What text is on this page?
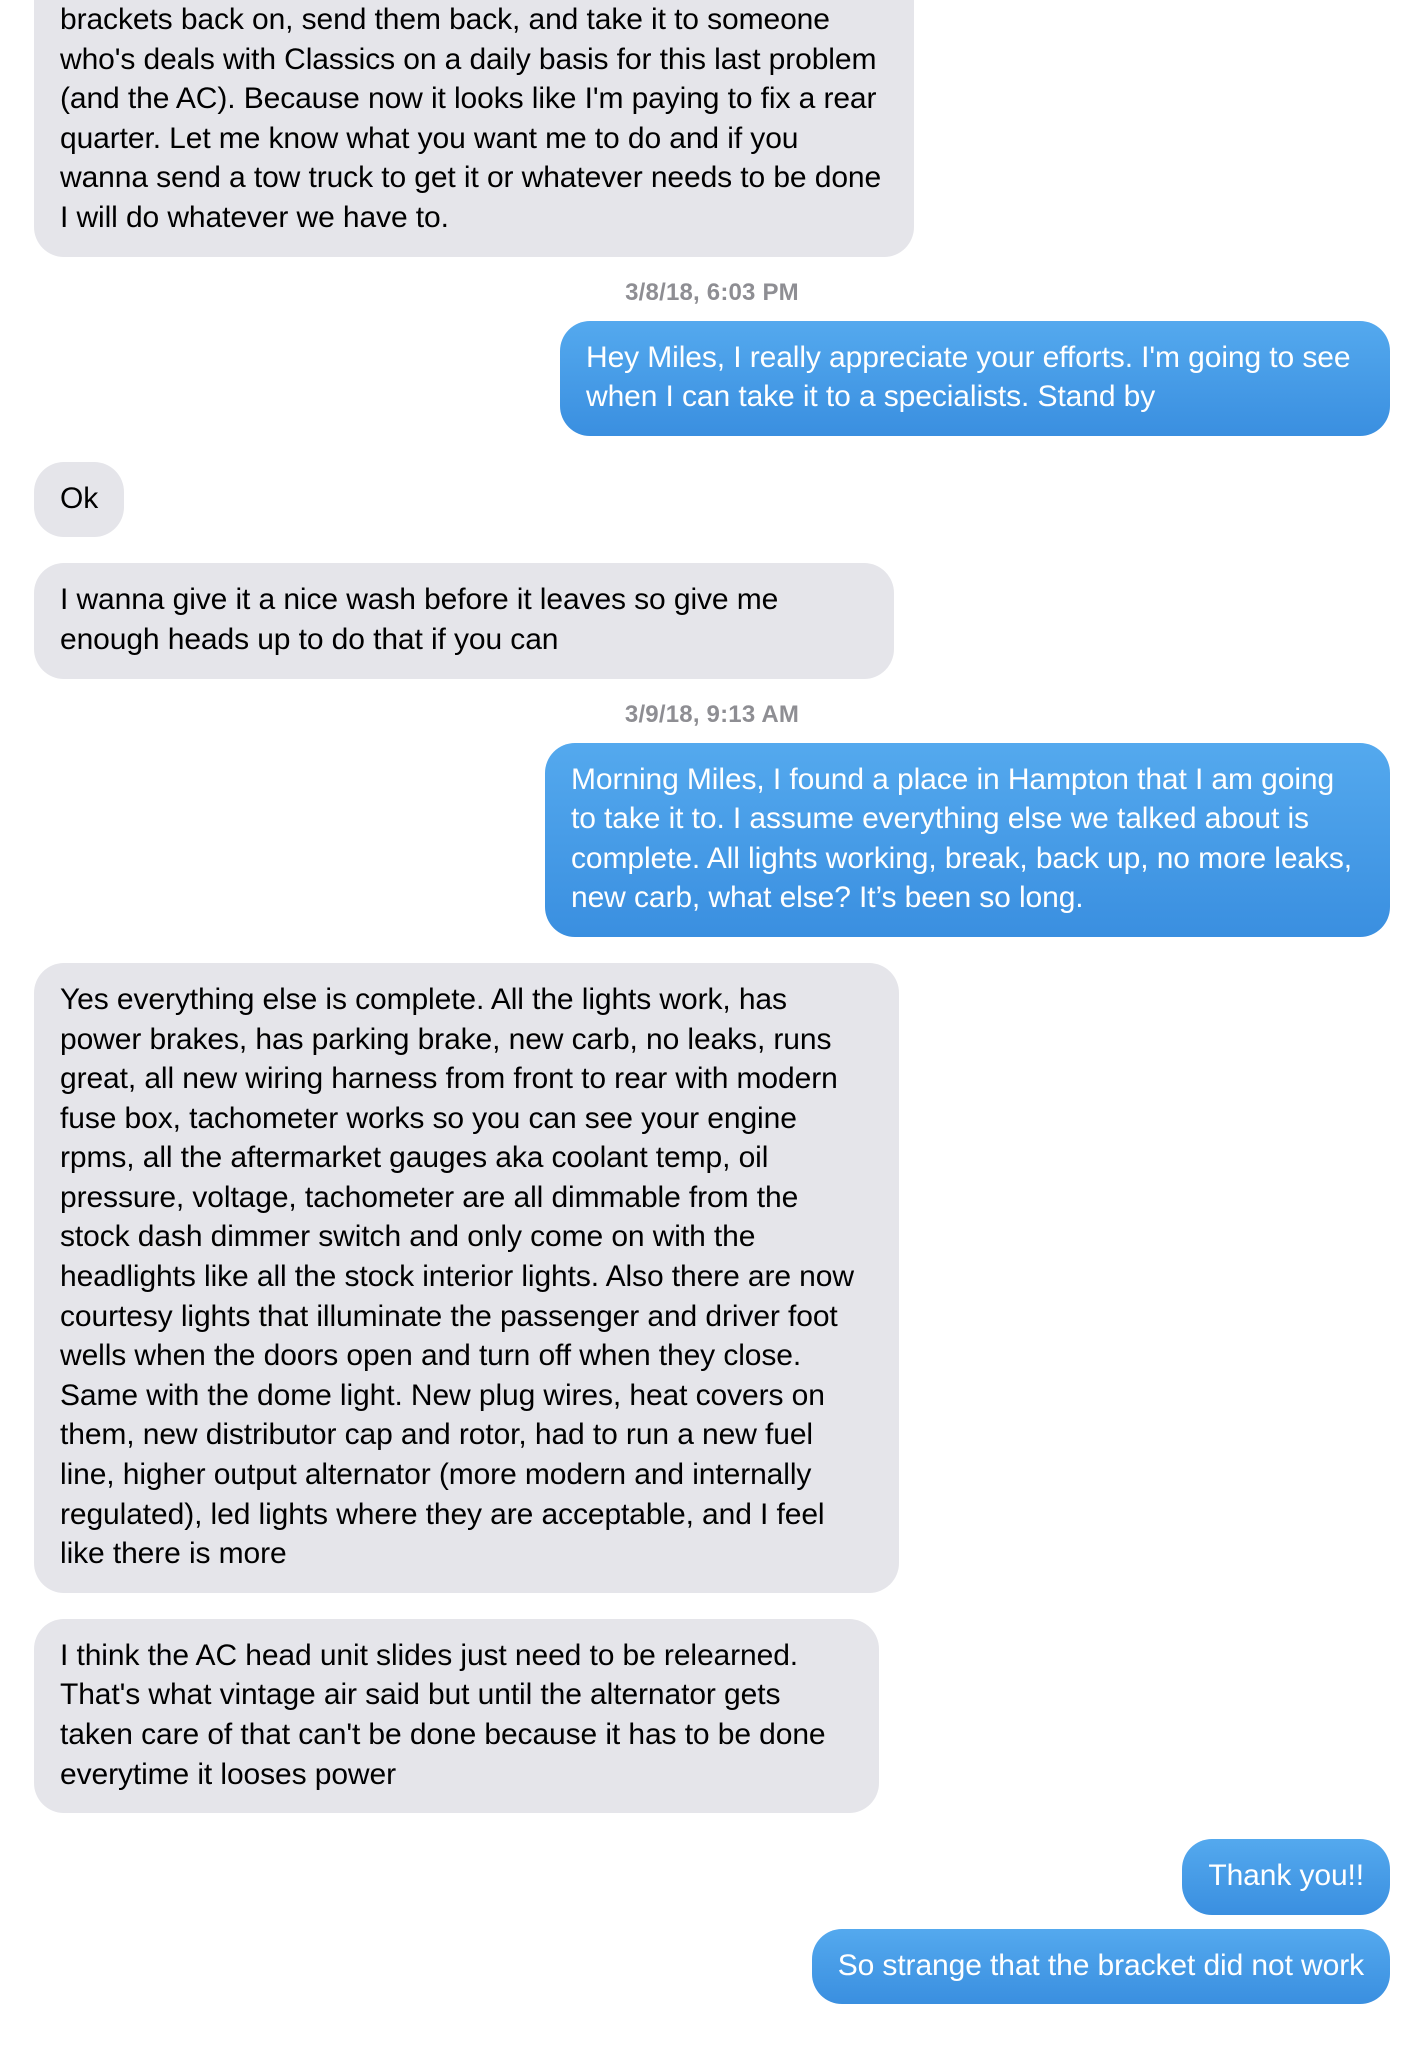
brackets back on, send them back, and take it to someone who's deals with Classics on a daily basis for this last problem (and the AC). Because now it looks like I'm paying to fix a rear quarter. Let me know what you want me to do and if you wanna send a tow truck to get it or whatever needs to be done I will do whatever we have to.
3/8/18, 6:03 PM
Hey Miles, I really appreciate your efforts. I'm going to see when I can take it to a specialists. Stand by
Ok
I wanna give it a nice wash before it leaves so give me enough heads up to do that if you can
3/9/18, 9:13 AM
Morning Miles, I found a place in Hampton that I am going to take it to. I assume everything else we talked about is complete. All lights working, break, back up, no more leaks, new carb, what else? It’s been so long.
Yes everything else is complete. All the lights work, has power brakes, has parking brake, new carb, no leaks, runs great, all new wiring harness from front to rear with modern fuse box, tachometer works so you can see your engine rpms, all the aftermarket gauges aka coolant temp, oil pressure, voltage, tachometer are all dimmable from the stock dash dimmer switch and only come on with the headlights like all the stock interior lights. Also there are now courtesy lights that illuminate the passenger and driver foot wells when the doors open and turn off when they close. Same with the dome light. New plug wires, heat covers on them, new distributor cap and rotor, had to run a new fuel line, higher output alternator (more modern and internally regulated), led lights where they are acceptable, and I feel like there is more
I think the AC head unit slides just need to be relearned. That's what vintage air said but until the alternator gets taken care of that can't be done because it has to be done everytime it looses power
Thank you!!
So strange that the bracket did not work
